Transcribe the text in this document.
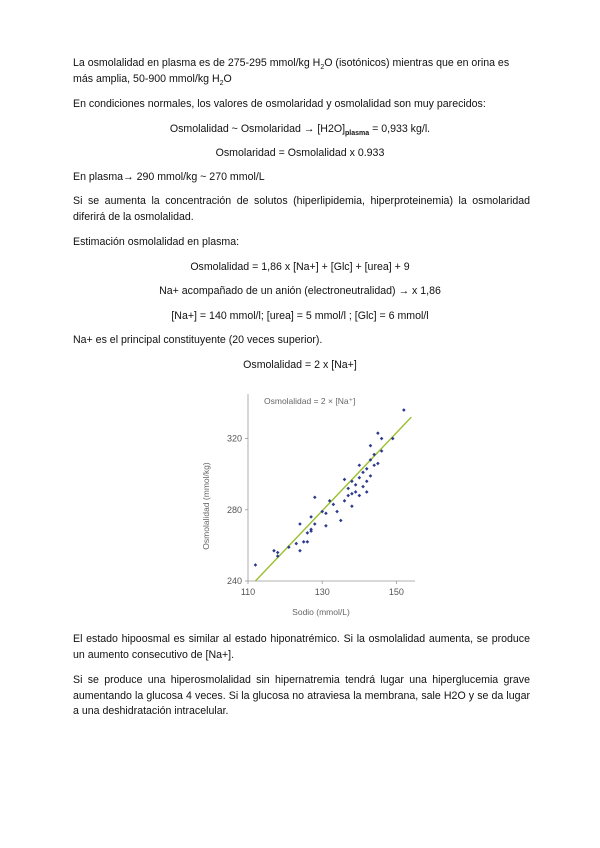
La osmolalidad en plasma es de 275-295 mmol/kg $H_2O$ (isotónicos) mientras que en orina es
más amplia, 50-900 mmol/kg $H_2O$

En condiciones normales, los valores de osmolaridad y osmolalidad son muy parecidos:

Osmolalidad ~ Osmolaridad → $[H2O]_{plasma} = 0,933$ kg/l.
Osmolaridad = Osmolalidad x 0.933

En plasma→ 290 mmol/kg ~ 270 mmol/L

Si se aumenta la concentración de solutos (hiperlipidemia, hiperproteinemia) la osmolaridad diferirá de la osmolalidad.

Estimación osmolalidad en plasma:

Osmolalidad = 1,86 x [Na+] + [Glc] + [urea] + 9
Na+ acompañado de un anión (electroneutralidad) → x 1,86
[Na+] = 140 mmol/l; [urea] = 5 mmol/l ; [Glc] = 6 mmol/l

Na+ es el principal constituyente (20 veces superior).

Osmolalidad = 2 x [Na+]
Osmolalidad = 2 × [Na⁺]
Sodio (mmol/L)
Osmolalidad (mmol/kg)
110	130	150
240
280
320

El estado hipoosmal es similar al estado hiponatrémico. Si la osmolalidad aumenta, se produce un aumento consecutivo de [Na+].

Si se produce una hiperosmolalidad sin hipernatremia tendrá lugar una hiperglucemia grave aumentando la glucosa 4 veces. Si la glucosa no atraviesa la membrana, sale H2O y se da lugar a una deshidratación intracelular.
